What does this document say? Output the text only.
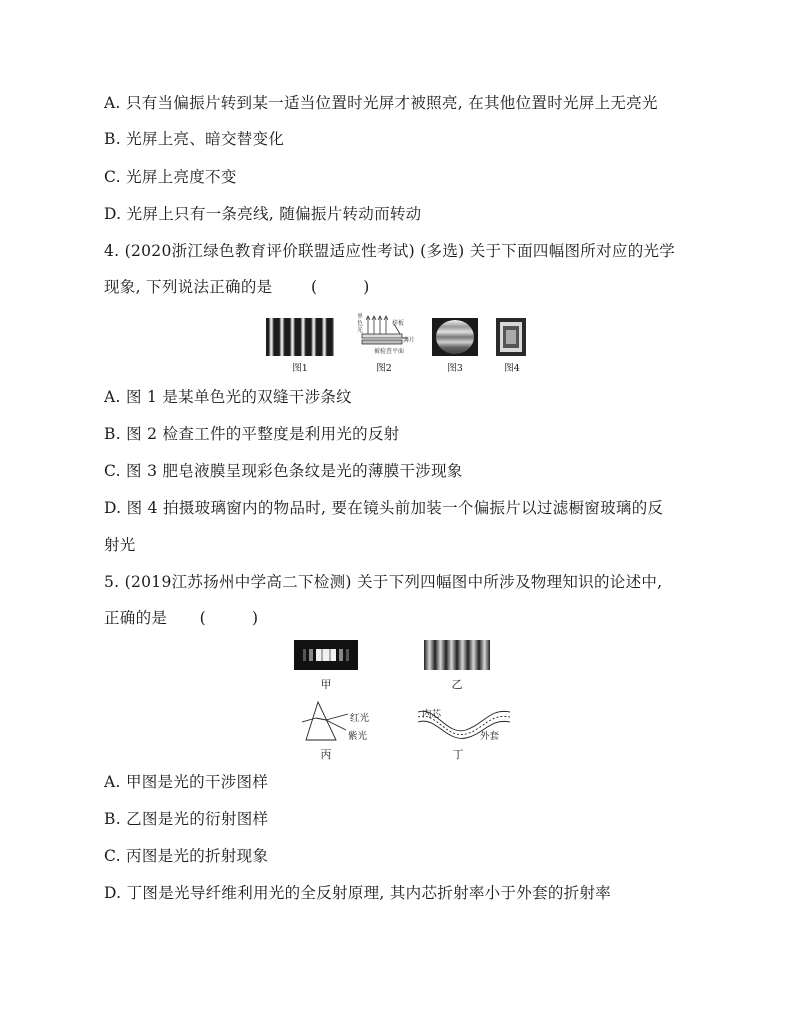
A. 只有当偏振片转到某一适当位置时光屏才被照亮, 在其他位置时光屏上无亮光
B. 光屏上亮、暗交替变化
C. 光屏上亮度不变
D. 光屏上只有一条亮线, 随偏振片转动而转动
4. (2020浙江绿色教育评价联盟适应性考试) (多选) 关于下面四幅图所对应的光学
现象, 下列说法正确的是 (	)
图1
单色光
样板
薄片
被检查平面
图2	图3	图4
A. 图 1 是某单色光的双缝干涉条纹
B. 图 2 检查工件的平整度是利用光的反射
C. 图 3 肥皂液膜呈现彩色条纹是光的薄膜干涉现象
D. 图 4 拍摄玻璃窗内的物品时, 要在镜头前加装一个偏振片以过滤橱窗玻璃的反
射光
5. (2019江苏扬州中学高二下检测) 关于下列四幅图中所涉及物理知识的论述中,
正确的是 (	)
甲	乙
红光
紫光
丙
内芯
外套
丁
A. 甲图是光的干涉图样
B. 乙图是光的衍射图样
C. 丙图是光的折射现象
D. 丁图是光导纤维利用光的全反射原理, 其内芯折射率小于外套的折射率
